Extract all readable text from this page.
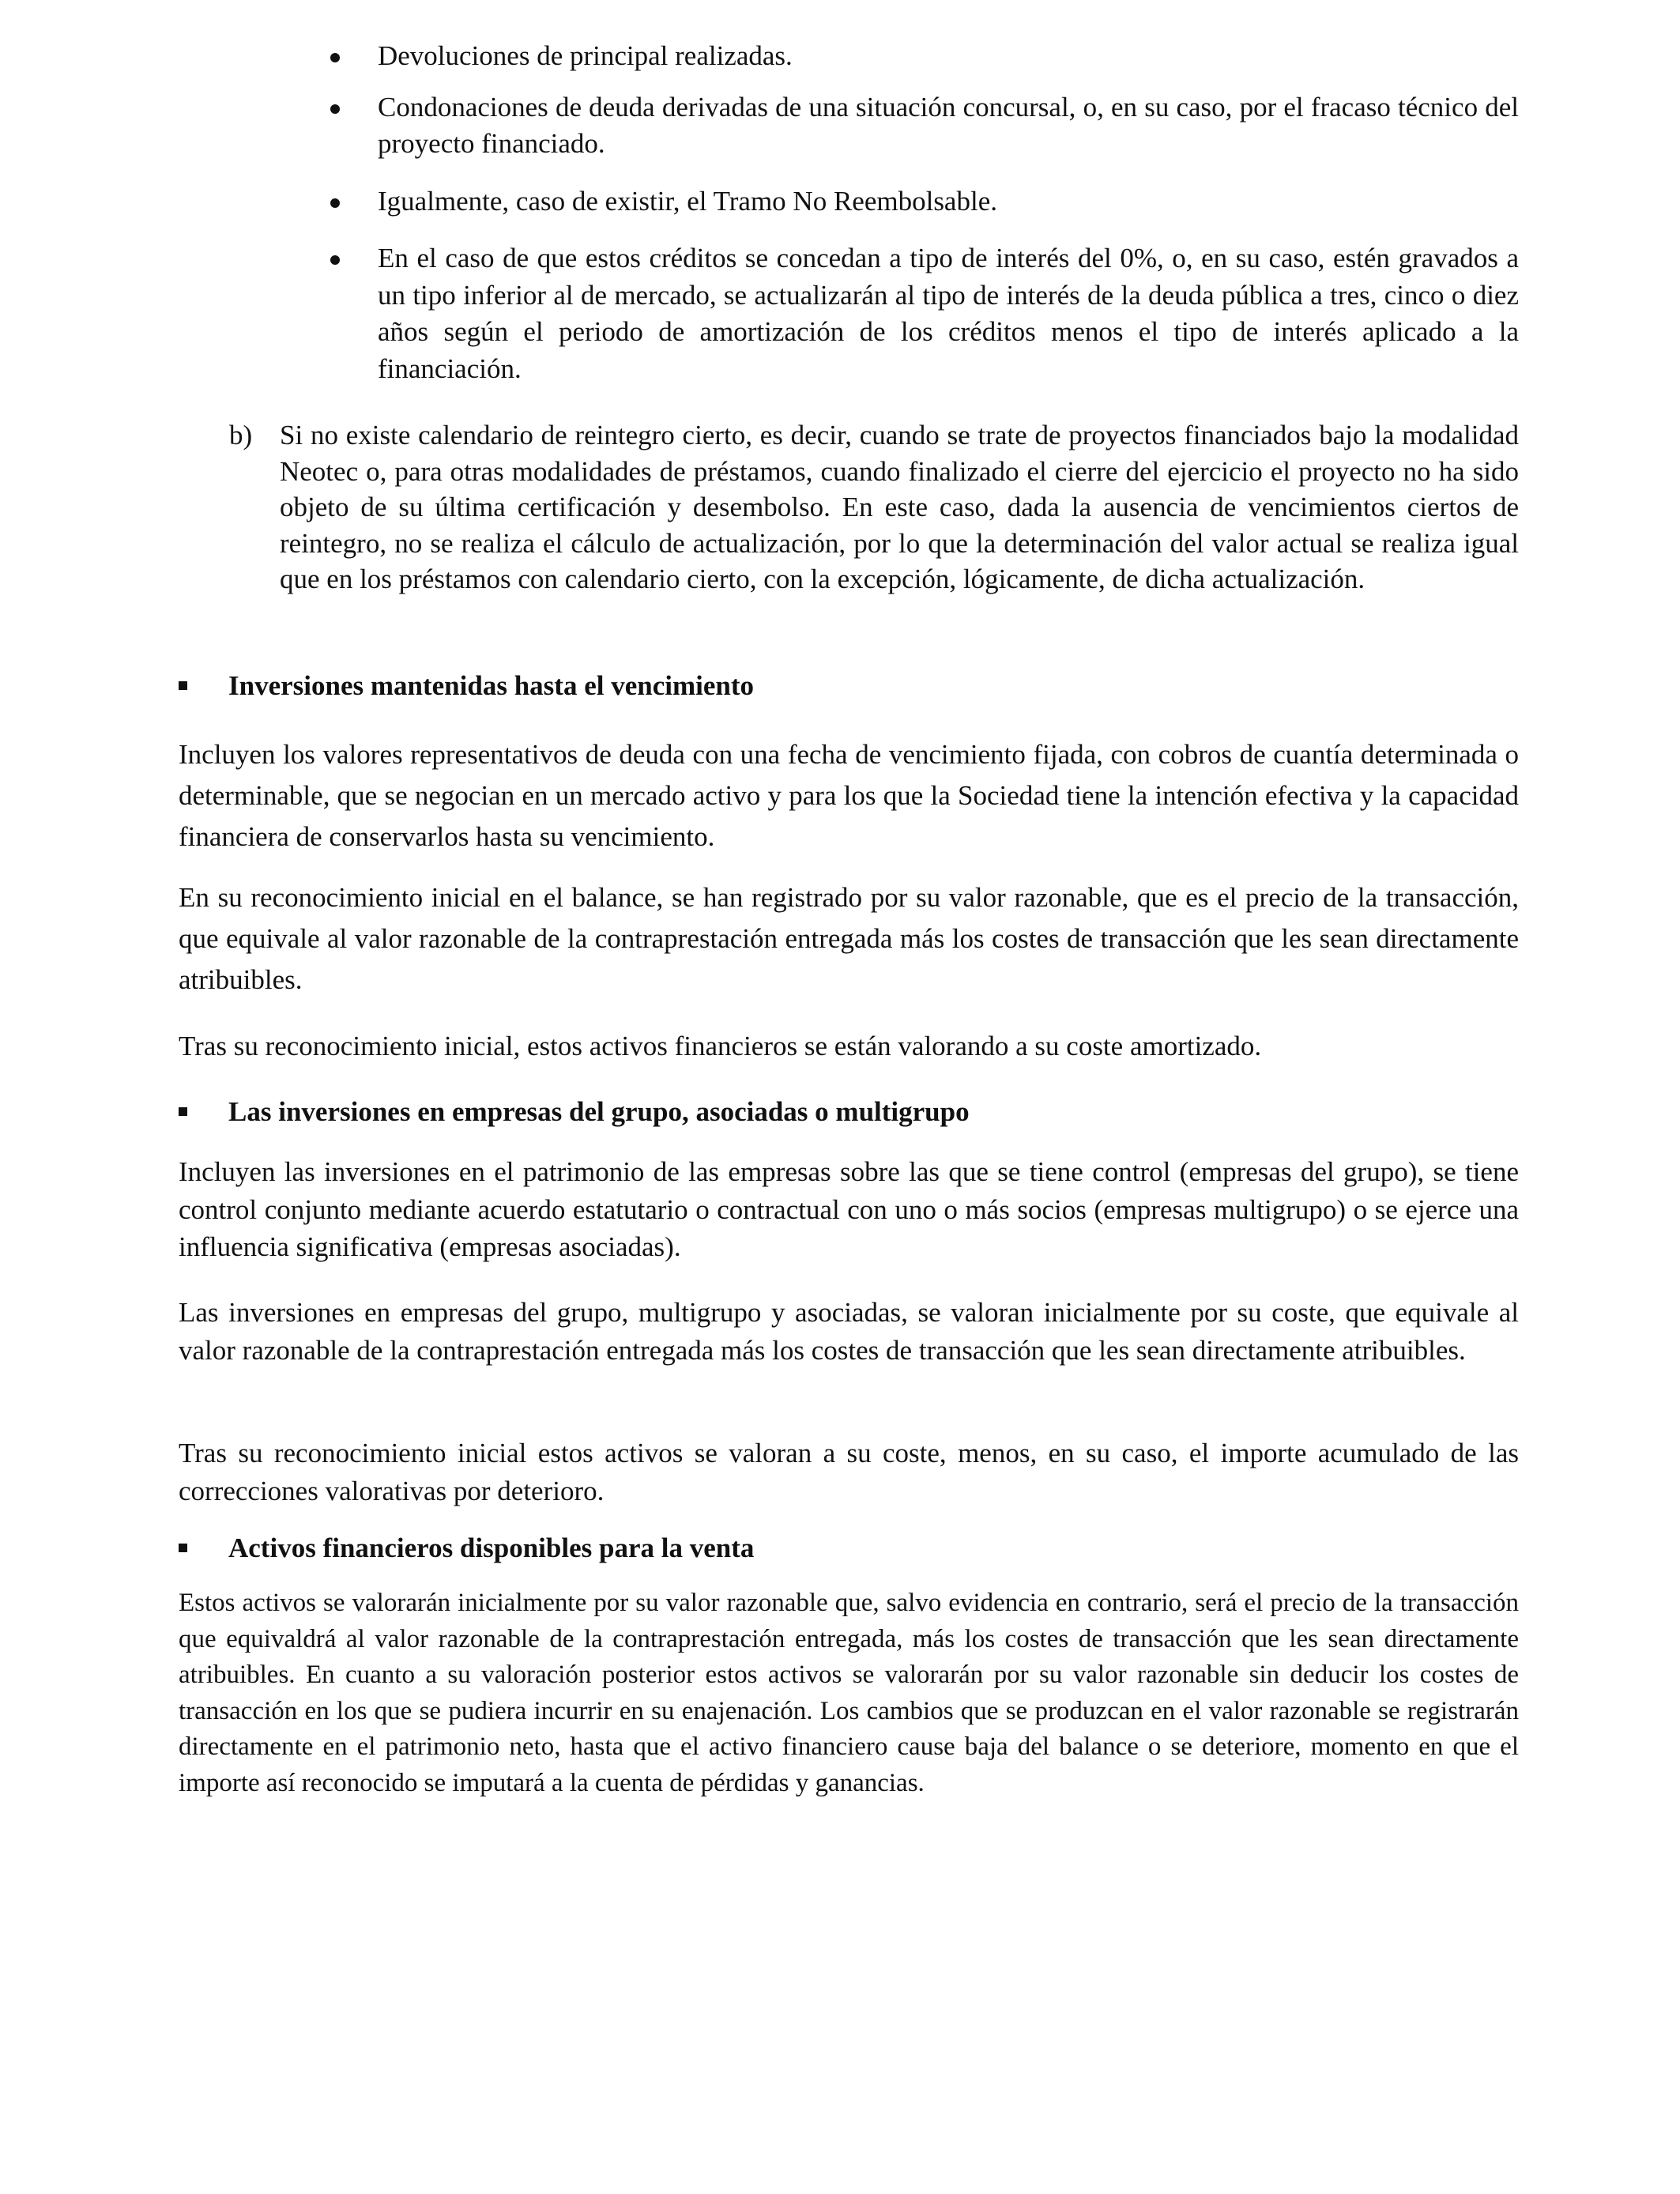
Devoluciones de principal realizadas.
Condonaciones de deuda derivadas de una situación concursal, o, en su caso, por el fracaso técnico del proyecto financiado.
Igualmente, caso de existir, el Tramo No Reembolsable.
En el caso de que estos créditos se concedan a tipo de interés del 0%, o, en su caso, estén gravados a un tipo inferior al de mercado, se actualizarán al tipo de interés de la deuda pública a tres, cinco o diez años según el periodo de amortización de los créditos menos el tipo de interés aplicado a la financiación.
b) Si no existe calendario de reintegro cierto, es decir, cuando se trate de proyectos financiados bajo la modalidad Neotec o, para otras modalidades de préstamos, cuando finalizado el cierre del ejercicio el proyecto no ha sido objeto de su última certificación y desembolso. En este caso, dada la ausencia de vencimientos ciertos de reintegro, no se realiza el cálculo de actualización, por lo que la determinación del valor actual se realiza igual que en los préstamos con calendario cierto, con la excepción, lógicamente, de dicha actualización.
Inversiones mantenidas hasta el vencimiento

Incluyen los valores representativos de deuda con una fecha de vencimiento fijada, con cobros de cuantía determinada o determinable, que se negocian en un mercado activo y para los que la Sociedad tiene la intención efectiva y la capacidad financiera de conservarlos hasta su vencimiento.

En su reconocimiento inicial en el balance, se han registrado por su valor razonable, que es el precio de la transacción, que equivale al valor razonable de la contraprestación entregada más los costes de transacción que les sean directamente atribuibles.

Tras su reconocimiento inicial, estos activos financieros se están valorando a su coste amortizado.

Las inversiones en empresas del grupo, asociadas o multigrupo

Incluyen las inversiones en el patrimonio de las empresas sobre las que se tiene control (empresas del grupo), se tiene control conjunto mediante acuerdo estatutario o contractual con uno o más socios (empresas multigrupo) o se ejerce una influencia significativa (empresas asociadas).

Las inversiones en empresas del grupo, multigrupo y asociadas, se valoran inicialmente por su coste, que equivale al valor razonable de la contraprestación entregada más los costes de transacción que les sean directamente atribuibles.

Tras su reconocimiento inicial estos activos se valoran a su coste, menos, en su caso, el importe acumulado de las correcciones valorativas por deterioro.

Activos financieros disponibles para la venta

Estos activos se valorarán inicialmente por su valor razonable que, salvo evidencia en contrario, será el precio de la transacción que equivaldrá al valor razonable de la contraprestación entregada, más los costes de transacción que les sean directamente atribuibles. En cuanto a su valoración posterior estos activos se valorarán por su valor razonable sin deducir los costes de transacción en los que se pudiera incurrir en su enajenación. Los cambios que se produzcan en el valor razonable se registrarán directamente en el patrimonio neto, hasta que el activo financiero cause baja del balance o se deteriore, momento en que el importe así reconocido se imputará a la cuenta de pérdidas y ganancias.
